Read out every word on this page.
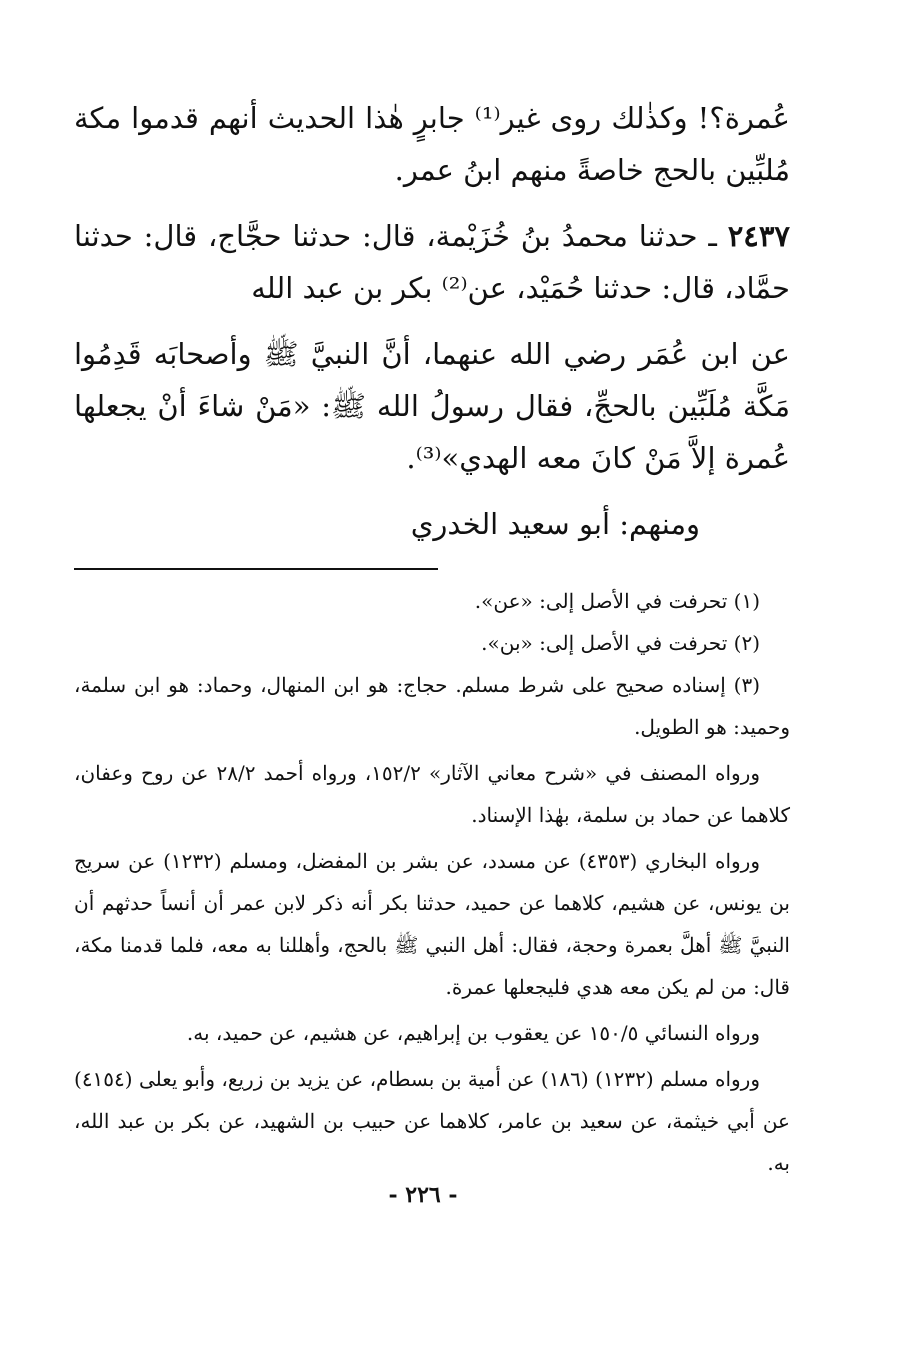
عُمرة؟! وكذٰلك روى غير⁽¹⁾ جابرٍ هٰذا الحديث أنهم قدموا مكة مُلبِّين بالحج خاصةً منهم ابنُ عمر.

٢٤٣٧ ـ حدثنا محمدُ بنُ خُزَيْمة، قال: حدثنا حجَّاج، قال: حدثنا حمَّاد، قال: حدثنا حُمَيْد، عن⁽²⁾ بكر بن عبد الله

عن ابن عُمَر رضي الله عنهما، أنَّ النبيَّ ﷺ وأصحابَه قَدِمُوا مَكَّة مُلَبِّين بالحجِّ، فقال رسولُ الله ﷺ: «مَنْ شاءَ أنْ يجعلها عُمرة إلاَّ مَنْ كانَ معه الهدي»⁽³⁾.

ومنهم: أبو سعيد الخدري

(١) تحرفت في الأصل إلى: «عن».

(٢) تحرفت في الأصل إلى: «بن».

(٣) إسناده صحيح على شرط مسلم. حجاج: هو ابن المنهال، وحماد: هو ابن سلمة، وحميد: هو الطويل.

ورواه المصنف في «شرح معاني الآثار» ١٥٢/٢، ورواه أحمد ٢٨/٢ عن روح وعفان، كلاهما عن حماد بن سلمة، بهٰذا الإسناد.

ورواه البخاري (٤٣٥٣) عن مسدد، عن بشر بن المفضل، ومسلم (١٢٣٢) عن سريج بن يونس، عن هشيم، كلاهما عن حميد، حدثنا بكر أنه ذكر لابن عمر أن أنساً حدثهم أن النبيَّ ﷺ أهلَّ بعمرة وحجة، فقال: أهل النبي ﷺ بالحج، وأهللنا به معه، فلما قدمنا مكة، قال: من لم يكن معه هدي فليجعلها عمرة.

ورواه النسائي ١٥٠/٥ عن يعقوب بن إبراهيم، عن هشيم، عن حميد، به.

ورواه مسلم (١٢٣٢) (١٨٦) عن أمية بن بسطام، عن يزيد بن زريع، وأبو يعلى (٤١٥٤) عن أبي خيثمة، عن سعيد بن عامر، كلاهما عن حبيب بن الشهيد، عن بكر بن عبد الله، به.

- ٢٢٦ -
